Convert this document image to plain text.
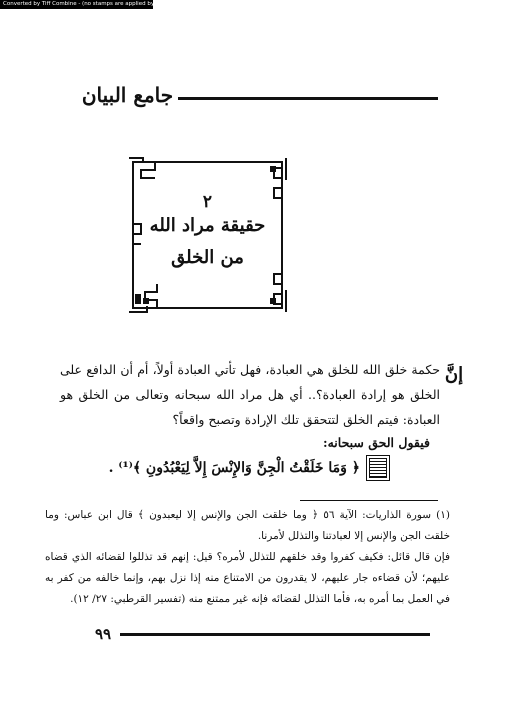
Converted by Tiff Combine - (no stamps are applied by registered version)
جامع البيان
٢
حقيقة مراد الله
من الخلق
إنَّ
حكمة خلق الله للخلق هي العبادة، فهل تأتي العبادة أولاً، أم أن الدافع على الخلق هو إرادة العبادة؟.. أي هل مراد الله سبحانه وتعالى من الخلق هو العبادة: فيتم الخلق لتتحقق تلك الإرادة وتصبح واقعاً؟
فيقول الحق سبحانه:
﴿ وَمَا خَلَقْتُ الْجِنَّ وَالإِنْسَ إِلاَّ لِيَعْبُدُونِ ﴾⁽¹⁾ .

(١) سورة الذاريات: الآية ٥٦ ﴿ وما خلقت الجن والإنس إلا ليعبدون ﴾ قال ابن عباس: وما خلقت الجن والإنس إلا لعبادتنا والتذلل لأمرنا.

فإن قال قائل: فكيف كفروا وقد خلقهم للتذلل لأمره؟ قيل: إنهم قد تذللوا لقضائه الذي قضاه عليهم؛ لأن قضاءه جار عليهم، لا يقدرون من الامتناع منه إذا نزل بهم، وإنما خالفه من كفر به في العمل بما أمره به، فأما التذلل لقضائه فإنه غير ممتنع منه (تفسير القرطبي: ٢٧/ ١٢).

٩٩
